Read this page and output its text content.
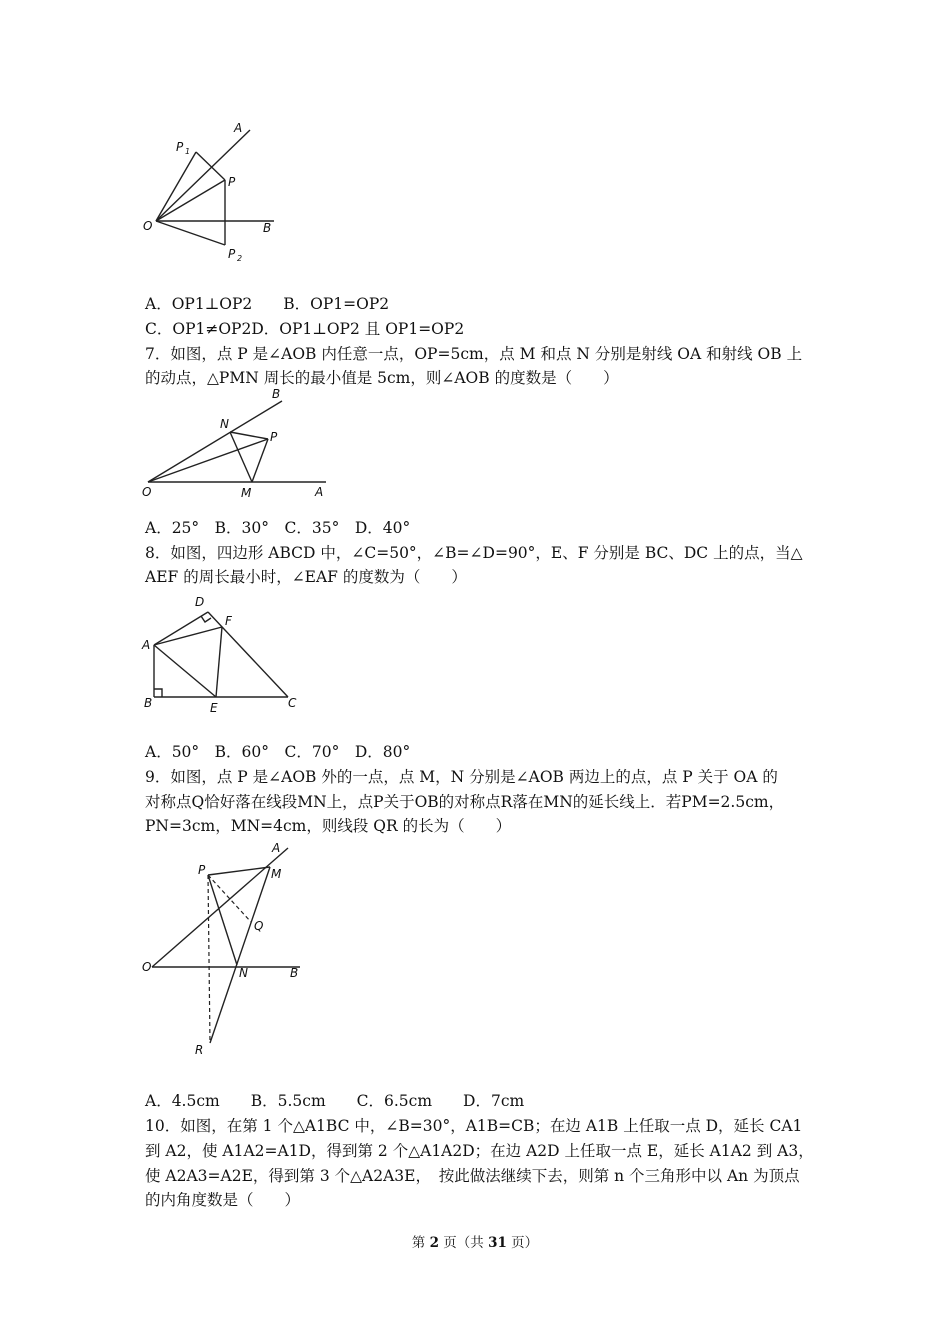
A
P 1
P
O	B
P 2
A．OP1⊥OP2　　B．OP1=OP2
C．OP1≠OP2D．OP1⊥OP2 且 OP1=OP2
7．如图，点 P 是∠AOB 内任意一点，OP=5cm，点 M 和点 N 分别是射线 OA 和射线 OB 上
的动点，△PMN 周长的最小值是 5cm，则∠AOB 的度数是（　　）
B
N
P
O	M	A
A．25°　B．30°　C．35°　D．40°
8．如图，四边形 ABCD 中，∠C=50°，∠B=∠D=90°，E、F 分别是 BC、DC 上的点，当△
AEF 的周长最小时，∠EAF 的度数为（　　）
D
F
A
B	E	C
A．50°　B．60°　C．70°　D．80°
9．如图，点 P 是∠AOB 外的一点，点 M，N 分别是∠AOB 两边上的点，点 P 关于 OA 的
对称点Q恰好落在线段MN上，点P关于OB的对称点R落在MN的延长线上．若PM=2.5cm，
PN=3cm，MN=4cm，则线段 QR 的长为（　　）
P
A
M
Q
O	N	B
R
A．4.5cm　　B．5.5cm　　C．6.5cm　　D．7cm
10．如图，在第 1 个△A1BC 中，∠B=30°，A1B=CB；在边 A1B 上任取一点 D，延长 CA1
到 A2，使 A1A2=A1D，得到第 2 个△A1A2D；在边 A2D 上任取一点 E，延长 A1A2 到 A3，
使 A2A3=A2E，得到第 3 个△A2A3E，　按此做法继续下去，则第 n 个三角形中以 An 为顶点
的内角度数是（　　）
第 2 页（共 31 页）
